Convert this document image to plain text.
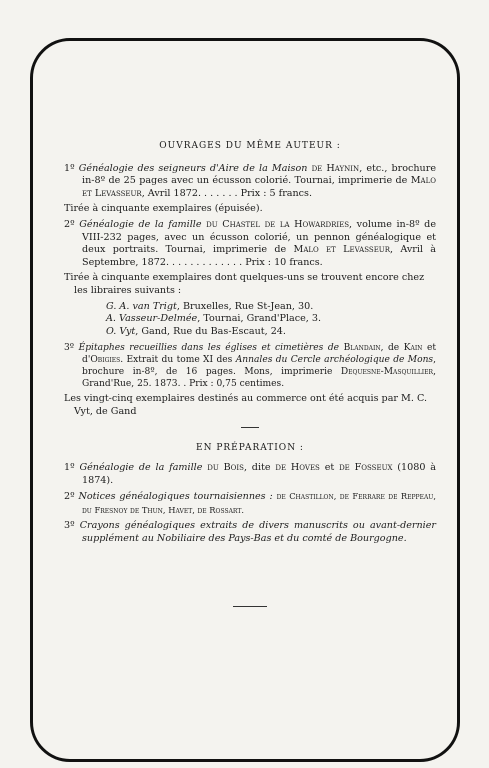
OUVRAGES DU MÊME AUTEUR :

1º Généalogie des seigneurs d'Aire de la Maison de Haynin, etc., brochure in-8º de 25 pages avec un écusson colorié. Tournai, imprimerie de Malo et Levasseur, Avril 1872. . . . . . . Prix : 5 francs.

Tirée à cinquante exemplaires (épuisée).

2º Généalogie de la famille du Chastel de la Howardries, volume in-8º de VIII-232 pages, avec un écusson colorié, un pennon généalogique et deux portraits. Tournai, imprimerie de Malo et Levasseur, Avril à Septembre, 1872. . . . . . . . . . . . . Prix : 10 francs.

Tirée à cinquante exemplaires dont quelques-uns se trouvent encore chez les libraires suivants :

G. A. van Trigt, Bruxelles, Rue St-Jean, 30.

A. Vasseur-Delmée, Tournai, Grand'Place, 3.

O. Vyt, Gand, Rue du Bas-Escaut, 24.

3º Épitaphes recueillies dans les églises et cimetières de Blandain, de Kain et d'Obigies. Extrait du tome XI des Annales du Cercle archéologique de Mons, brochure in-8º, de 16 pages. Mons, imprimerie Dequesne-Masquillier, Grand'Rue, 25. 1873. . Prix : 0,75 centimes.

Les vingt-cinq exemplaires destinés au commerce ont été acquis par M. C. Vyt, de Gand

EN PRÉPARATION :

1º Généalogie de la famille du Bois, dite de Hoves et de Fosseux (1080 à 1874).

2º Notices généalogiques tournaisiennes : de Chastillon, de Ferrare de Reppeau, du Fresnoy de Thun, Havet, de Rossart.

3º Crayons généalogiques extraits de divers manuscrits ou avant-dernier supplément au Nobiliaire des Pays-Bas et du comté de Bourgogne.
